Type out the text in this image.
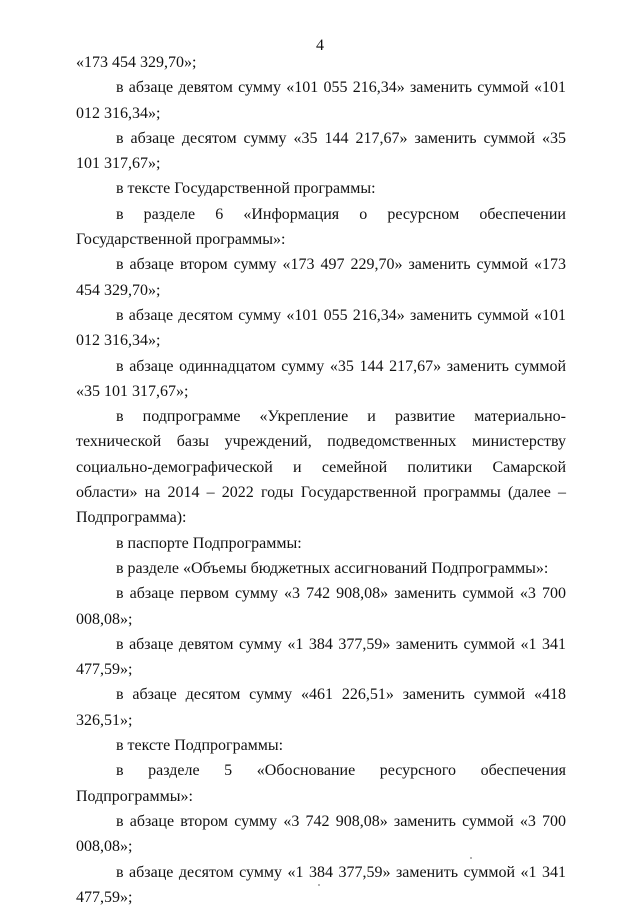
4

«173 454 329,70»;

в абзаце девятом сумму «101 055 216,34» заменить суммой «101 012 316,34»;

в абзаце десятом сумму «35 144 217,67» заменить суммой «35 101 317,67»;

в тексте Государственной программы:

в разделе 6 «Информация о ресурсном обеспечении Государственной программы»:

в абзаце втором сумму «173 497 229,70» заменить суммой «173 454 329,70»;

в абзаце десятом сумму «101 055 216,34» заменить суммой «101 012 316,34»;

в абзаце одиннадцатом сумму «35 144 217,67» заменить суммой «35 101 317,67»;

в подпрограмме «Укрепление и развитие материально-технической базы учреждений, подведомственных министерству социально-демографической и семейной политики Самарской области» на 2014 – 2022 годы Государственной программы (далее – Подпрограмма):

в паспорте Подпрограммы:

в разделе «Объемы бюджетных ассигнований Подпрограммы»:

в абзаце первом сумму «3 742 908,08» заменить суммой «3 700 008,08»;

в абзаце девятом сумму «1 384 377,59» заменить суммой «1 341 477,59»;

в абзаце десятом сумму «461 226,51» заменить суммой «418 326,51»;

в тексте Подпрограммы:

в разделе 5 «Обоснование ресурсного обеспечения Подпрограммы»:

в абзаце втором сумму «3 742 908,08» заменить суммой «3 700 008,08»;

в абзаце десятом сумму «1 384 377,59» заменить суммой «1 341 477,59»;
